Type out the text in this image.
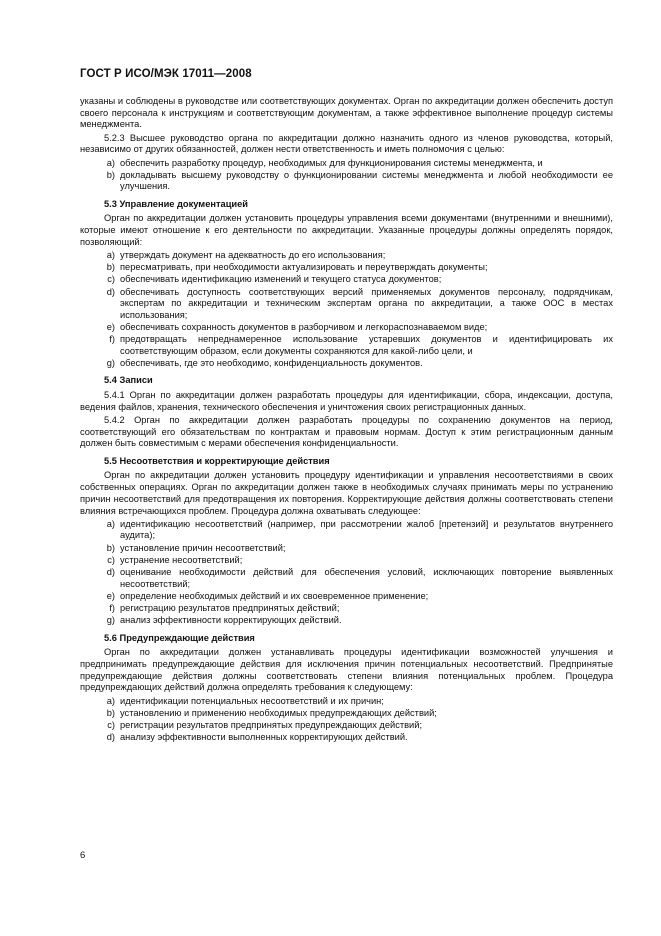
ГОСТ Р ИСО/МЭК 17011—2008

указаны и соблюдены в руководстве или соответствующих документах. Орган по аккредитации должен обеспечить доступ своего персонала к инструкциям и соответствующим документам, а также эффективное выполнение процедур системы менеджмента.

5.2.3 Высшее руководство органа по аккредитации должно назначить одного из членов руководства, который, независимо от других обязанностей, должен нести ответственность и иметь полномочия с целью:

a) обеспечить разработку процедур, необходимых для функционирования системы менеджмента, и
b) докладывать высшему руководству о функционировании системы менеджмента и любой необходимости ее улучшения.
5.3 Управление документацией

Орган по аккредитации должен установить процедуры управления всеми документами (внутренними и внешними), которые имеют отношение к его деятельности по аккредитации. Указанные процедуры должны определять порядок, позволяющий:

a) утверждать документ на адекватность до его использования;
b) пересматривать, при необходимости актуализировать и переутверждать документы;
c) обеспечивать идентификацию изменений и текущего статуса документов;
d) обеспечивать доступность соответствующих версий применяемых документов персоналу, подрядчикам, экспертам по аккредитации и техническим экспертам органа по аккредитации, а также ООС в местах использования;
e) обеспечивать сохранность документов в разборчивом и легкораспознаваемом виде;
f) предотвращать непреднамеренное использование устаревших документов и идентифицировать их соответствующим образом, если документы сохраняются для какой-либо цели, и
g) обеспечивать, где это необходимо, конфиденциальность документов.
5.4 Записи

5.4.1 Орган по аккредитации должен разработать процедуры для идентификации, сбора, индексации, доступа, ведения файлов, хранения, технического обеспечения и уничтожения своих регистрационных данных.

5.4.2 Орган по аккредитации должен разработать процедуры по сохранению документов на период, соответствующий его обязательствам по контрактам и правовым нормам. Доступ к этим регистрационным данным должен быть совместимым с мерами обеспечения конфиденциальности.

5.5 Несоответствия и корректирующие действия

Орган по аккредитации должен установить процедуру идентификации и управления несоответствиями в своих собственных операциях. Орган по аккредитации должен также в необходимых случаях принимать меры по устранению причин несоответствий для предотвращения их повторения. Корректирующие действия должны соответствовать степени влияния встречающихся проблем. Процедура должна охватывать следующее:

a) идентификацию несоответствий (например, при рассмотрении жалоб [претензий] и результатов внутреннего аудита);
b) установление причин несоответствий;
c) устранение несоответствий;
d) оценивание необходимости действий для обеспечения условий, исключающих повторение выявленных несоответствий;
e) определение необходимых действий и их своевременное применение;
f) регистрацию результатов предпринятых действий;
g) анализ эффективности корректирующих действий.
5.6 Предупреждающие действия

Орган по аккредитации должен устанавливать процедуры идентификации возможностей улучшения и предпринимать предупреждающие действия для исключения причин потенциальных несоответствий. Предпринятые предупреждающие действия должны соответствовать степени влияния потенциальных проблем. Процедура предупреждающих действий должна определять требования к следующему:

a) идентификации потенциальных несоответствий и их причин;
b) установлению и применению необходимых предупреждающих действий;
c) регистрации результатов предпринятых предупреждающих действий;
d) анализу эффективности выполненных корректирующих действий.
6
